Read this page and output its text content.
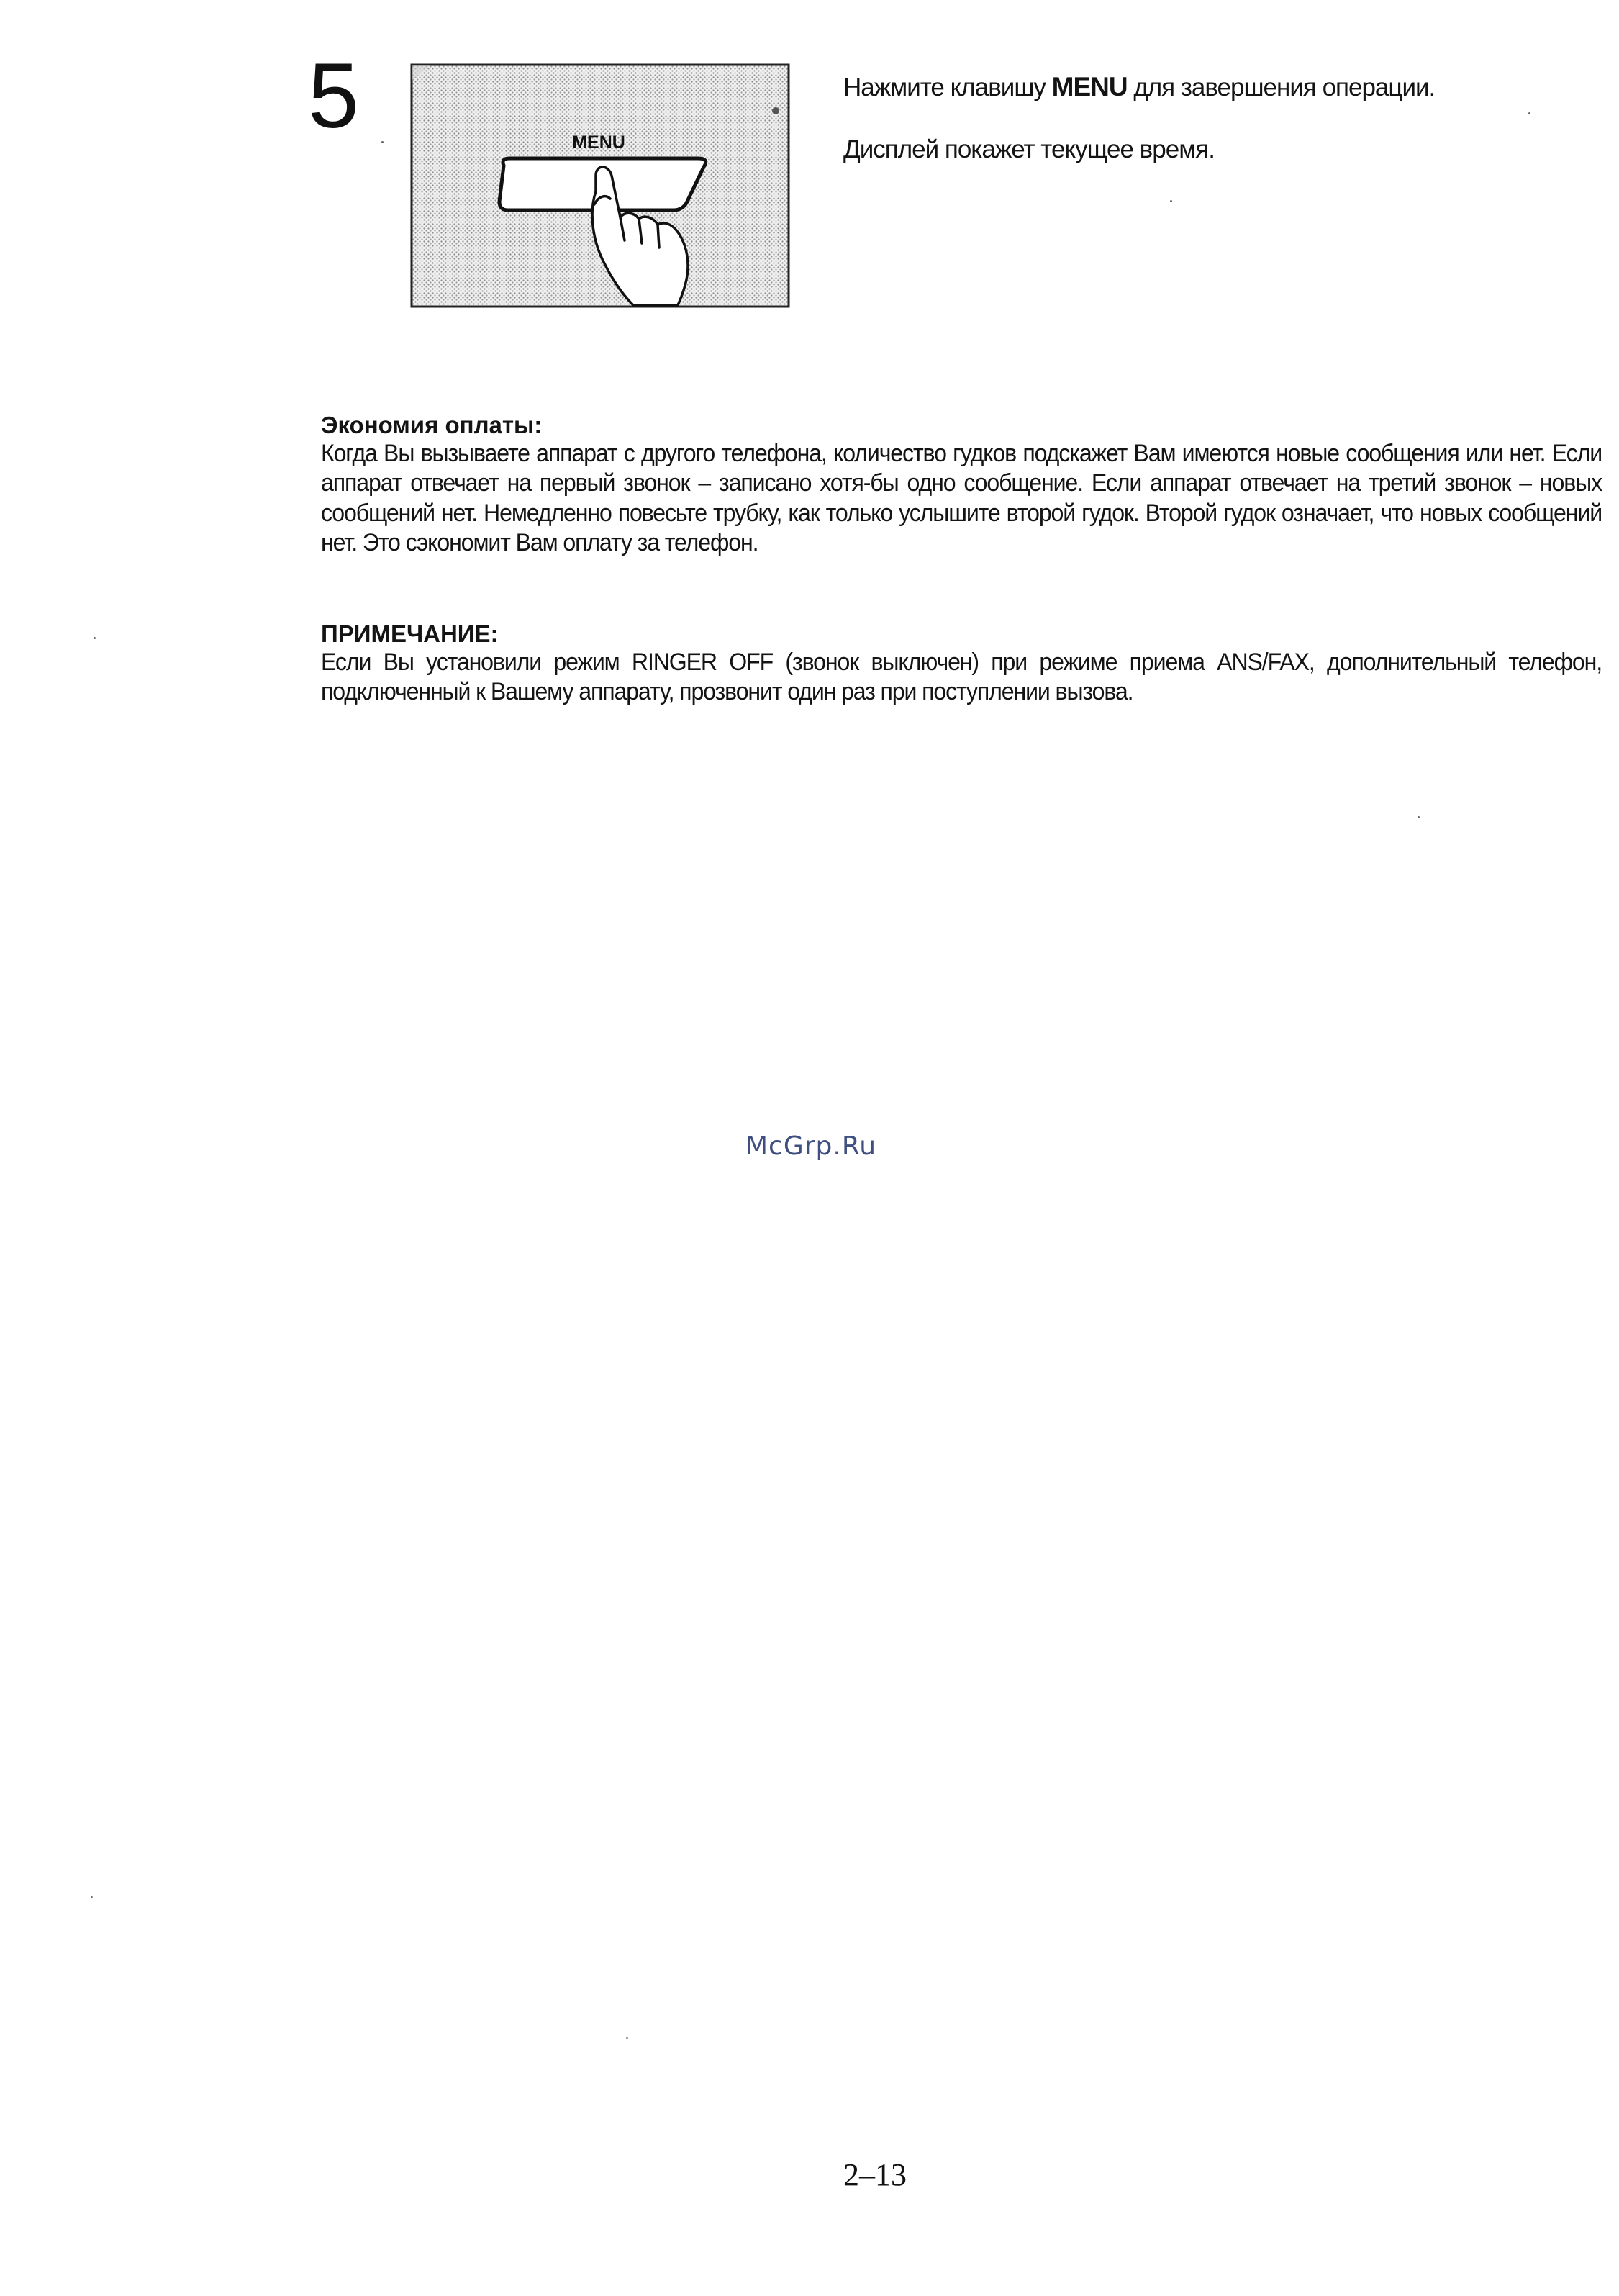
5	MENU

Нажмите клавишу MENU для завершения операции.

Дисплей покажет текущее время.

Экономия оплаты:

Когда Вы вызываете аппарат с другого телефона, количество гудков подскажет Вам имеются новые сообщения или нет. Если аппарат отвечает на первый звонок – записано хотя-бы одно сообщение. Если аппарат отвечает на третий звонок – новых сообщений нет. Немедленно повесьте трубку, как только услышите второй гудок. Второй гудок означает, что новых сообщений нет. Это сэкономит Вам оплату за телефон.

ПРИМЕЧАНИЕ:

Если Вы установили режим RINGER OFF (звонок выключен) при режиме приема ANS/FAX, дополнительный телефон, подключенный к Вашему аппарату, прозвонит один раз при поступлении вызова.

McGrp.Ru
2–13
